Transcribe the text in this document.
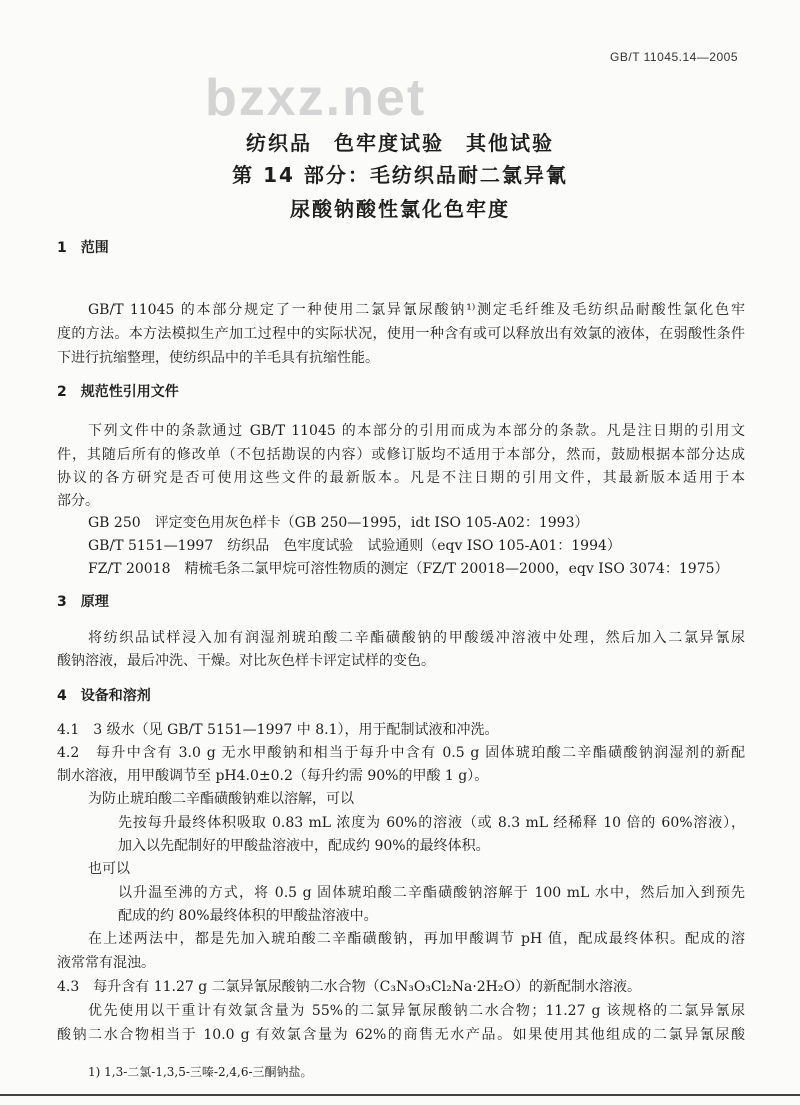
GB/T 11045.14—2005
bzxz.net
纺织品　色牢度试验　其他试验
第 14 部分：毛纺织品耐二氯异氰
尿酸钠酸性氯化色牢度
1　范围
GB/T 11045 的本部分规定了一种使用二氯异氰尿酸钠¹⁾测定毛纤维及毛纺织品耐酸性氯化色牢
度的方法。本方法模拟生产加工过程中的实际状况，使用一种含有或可以释放出有效氯的液体，在弱酸性条件
下进行抗缩整理，使纺织品中的羊毛具有抗缩性能。
2　规范性引用文件
下列文件中的条款通过 GB/T 11045 的本部分的引用而成为本部分的条款。凡是注日期的引用文
件，其随后所有的修改单（不包括勘误的内容）或修订版均不适用于本部分，然而，鼓励根据本部分达成
协议的各方研究是否可使用这些文件的最新版本。凡是不注日期的引用文件，其最新版本适用于本
部分。
GB 250　评定变色用灰色样卡（GB 250—1995，idt ISO 105-A02：1993）
GB/T 5151—1997　纺织品　色牢度试验　试验通则（eqv ISO 105-A01：1994）
FZ/T 20018　精梳毛条二氯甲烷可溶性物质的测定（FZ/T 20018—2000，eqv ISO 3074：1975）
3　原理
将纺织品试样浸入加有润湿剂琥珀酸二辛酯磺酸钠的甲酸缓冲溶液中处理，然后加入二氯异氰尿
酸钠溶液，最后冲洗、干燥。对比灰色样卡评定试样的变色。
4　设备和溶剂
4.1　3 级水（见 GB/T 5151—1997 中 8.1），用于配制试液和冲洗。
4.2　每升中含有 3.0 g 无水甲酸钠和相当于每升中含有 0.5 g 固体琥珀酸二辛酯磺酸钠润湿剂的新配
制水溶液，用甲酸调节至 pH4.0±0.2（每升约需 90%的甲酸 1 g）。
为防止琥珀酸二辛酯磺酸钠难以溶解，可以
先按每升最终体积吸取 0.83 mL 浓度为 60%的溶液（或 8.3 mL 经稀释 10 倍的 60%溶液），
加入以先配制好的甲酸盐溶液中，配成约 90%的最终体积。
也可以
以升温至沸的方式，将 0.5 g 固体琥珀酸二辛酯磺酸钠溶解于 100 mL 水中，然后加入到预先
配成的约 80%最终体积的甲酸盐溶液中。
在上述两法中，都是先加入琥珀酸二辛酯磺酸钠，再加甲酸调节 pH 值，配成最终体积。配成的溶
液常常有混浊。
4.3　每升含有 11.27 g 二氯异氰尿酸钠二水合物（C₃N₃O₃Cl₂Na·2H₂O）的新配制水溶液。
优先使用以干重计有效氯含量为 55%的二氯异氰尿酸钠二水合物；11.27 g 该规格的二氯异氰尿
酸钠二水合物相当于 10.0 g 有效氯含量为 62%的商售无水产品。如果使用其他组成的二氯异氰尿酸
1) 1,3-二氯-1,3,5-三嗪-2,4,6-三酮钠盐。
